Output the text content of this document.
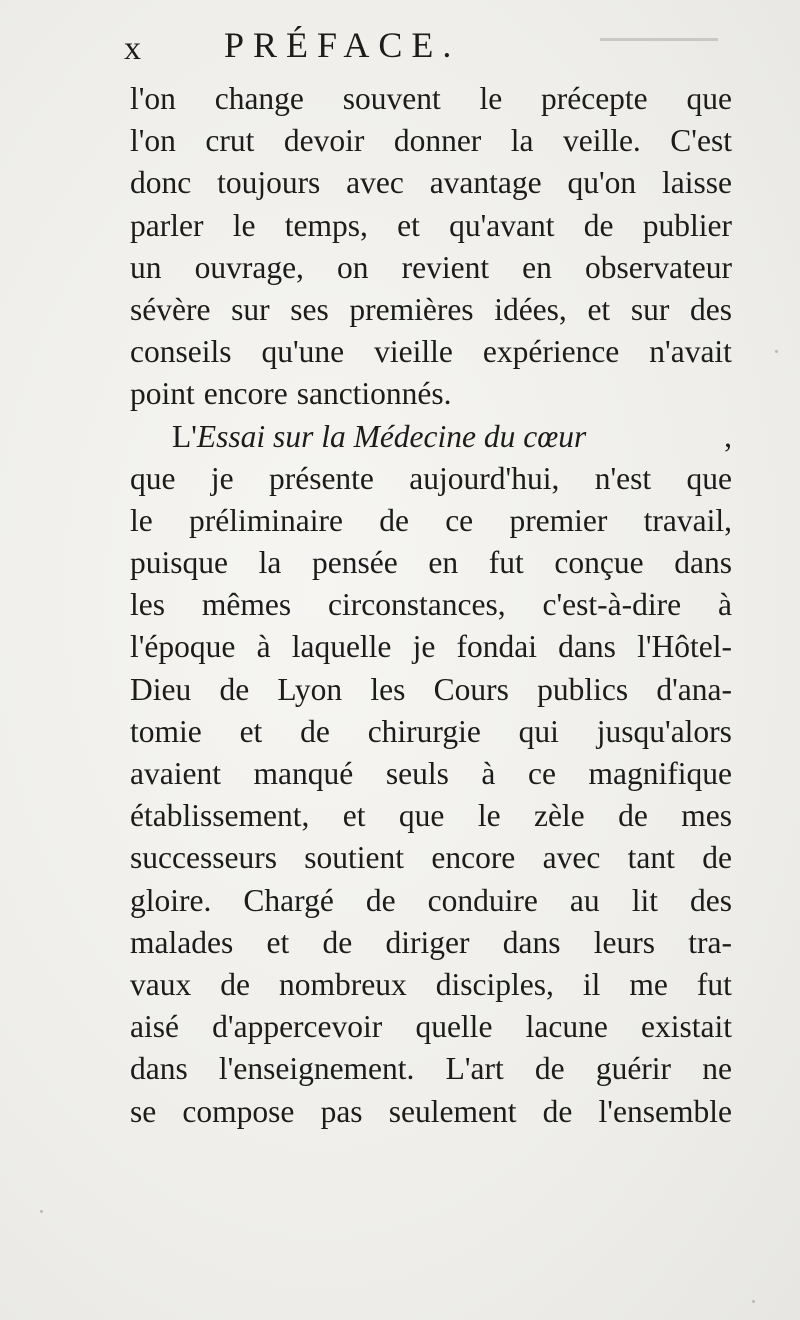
x PRÉFACE.
l'on change souvent le précepte que
l'on crut devoir donner la veille. C'est
donc toujours avec avantage qu'on laisse
parler le temps, et qu'avant de publier
un ouvrage, on revient en observateur
sévère sur ses premières idées, et sur des
conseils qu'une vieille expérience n'avait
point encore sanctionnés.
L'Essai sur la Médecine du cœur	,
que je présente aujourd'hui, n'est que
le préliminaire de ce premier travail,
puisque la pensée en fut conçue dans
les mêmes circonstances, c'est-à-dire à
l'époque à laquelle je fondai dans l'Hôtel-
Dieu de Lyon les Cours publics d'ana-
tomie et de chirurgie qui jusqu'alors
avaient manqué seuls à ce magnifique
établissement, et que le zèle de mes
successeurs soutient encore avec tant de
gloire. Chargé de conduire au lit des
malades et de diriger dans leurs tra-
vaux de nombreux disciples, il me fut
aisé d'appercevoir quelle lacune existait
dans l'enseignement. L'art de guérir ne
se compose pas seulement de l'ensemble
